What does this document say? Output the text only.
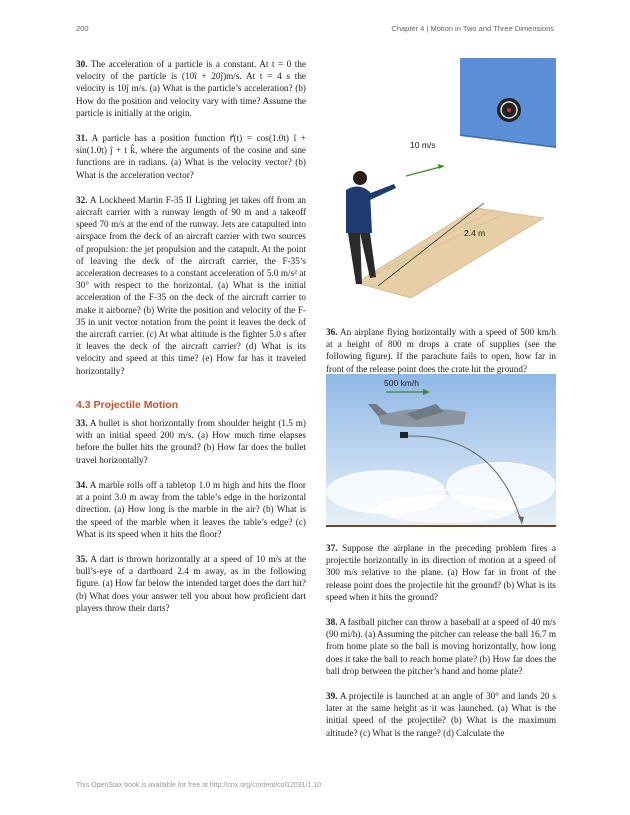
200	Chapter 4 | Motion in Two and Three Dimensions

30. The acceleration of a particle is a constant. At t = 0 the velocity of the particle is (10î + 20ĵ)m/s. At t = 4 s the velocity is 10ĵ m/s. (a) What is the particle’s acceleration? (b) How do the position and velocity vary with time? Assume the particle is initially at the origin.

31. A particle has a position function r⃗(t) = cos(1.0t) î + sin(1.0t) ĵ + t k̂, where the arguments of the cosine and sine functions are in radians. (a) What is the velocity vector? (b) What is the acceleration vector?

32. A Lockheed Martin F-35 II Lighting jet takes off from an aircraft carrier with a runway length of 90 m and a takeoff speed 70 m/s at the end of the runway. Jets are catapulted into airspace from the deck of an aircraft carrier with two sources of propulsion: the jet propulsion and the catapult. At the point of leaving the deck of the aircraft carrier, the F-35’s acceleration decreases to a constant acceleration of 5.0 m/s² at 30° with respect to the horizontal. (a) What is the initial acceleration of the F-35 on the deck of the aircraft carrier to make it airborne? (b) Write the position and velocity of the F-35 in unit vector notation from the point it leaves the deck of the aircraft carrier. (c) At what altitude is the fighter 5.0 s after it leaves the deck of the aircraft carrier? (d) What is its velocity and speed at this time? (e) How far has it traveled horizontally?

4.3 Projectile Motion

33. A bullet is shot horizontally from shoulder height (1.5 m) with an initial speed 200 m/s. (a) How much time elapses before the bullet hits the ground? (b) How far does the bullet travel horizontally?

34. A marble rolls off a tabletop 1.0 m high and hits the floor at a point 3.0 m away from the table’s edge in the horizontal direction. (a) How long is the marble in the air? (b) What is the speed of the marble when it leaves the table’s edge? (c) What is its speed when it hits the floor?

35. A dart is thrown horizontally at a speed of 10 m/s at the bull’s-eye of a dartboard 2.4 m away, as in the following figure. (a) How far below the intended target does the dart hit? (b) What does your answer tell you about how proficient dart players throw their darts?

10 m/s
2.4 m

36. An airplane flying horizontally with a speed of 500 km/h at a height of 800 m drops a crate of supplies (see the following figure). If the parachute fails to open, how far in front of the release point does the crate hit the ground?

500 km/h

37. Suppose the airplane in the preceding problem fires a projectile horizontally in its direction of motion at a speed of 300 m/s relative to the plane. (a) How far in front of the release point does the projectile hit the ground? (b) What is its speed when it hits the ground?

38. A fastball pitcher can throw a baseball at a speed of 40 m/s (90 mi/h). (a) Assuming the pitcher can release the ball 16.7 m from home plate so the ball is moving horizontally, how long does it take the ball to reach home plate? (b) How far does the ball drop between the pitcher’s hand and home plate?

39. A projectile is launched at an angle of 30° and lands 20 s later at the same height as it was launched. (a) What is the initial speed of the projectile? (b) What is the maximum altitude? (c) What is the range? (d) Calculate the

This OpenStax book is available for free at http://cnx.org/content/col12031/1.10
